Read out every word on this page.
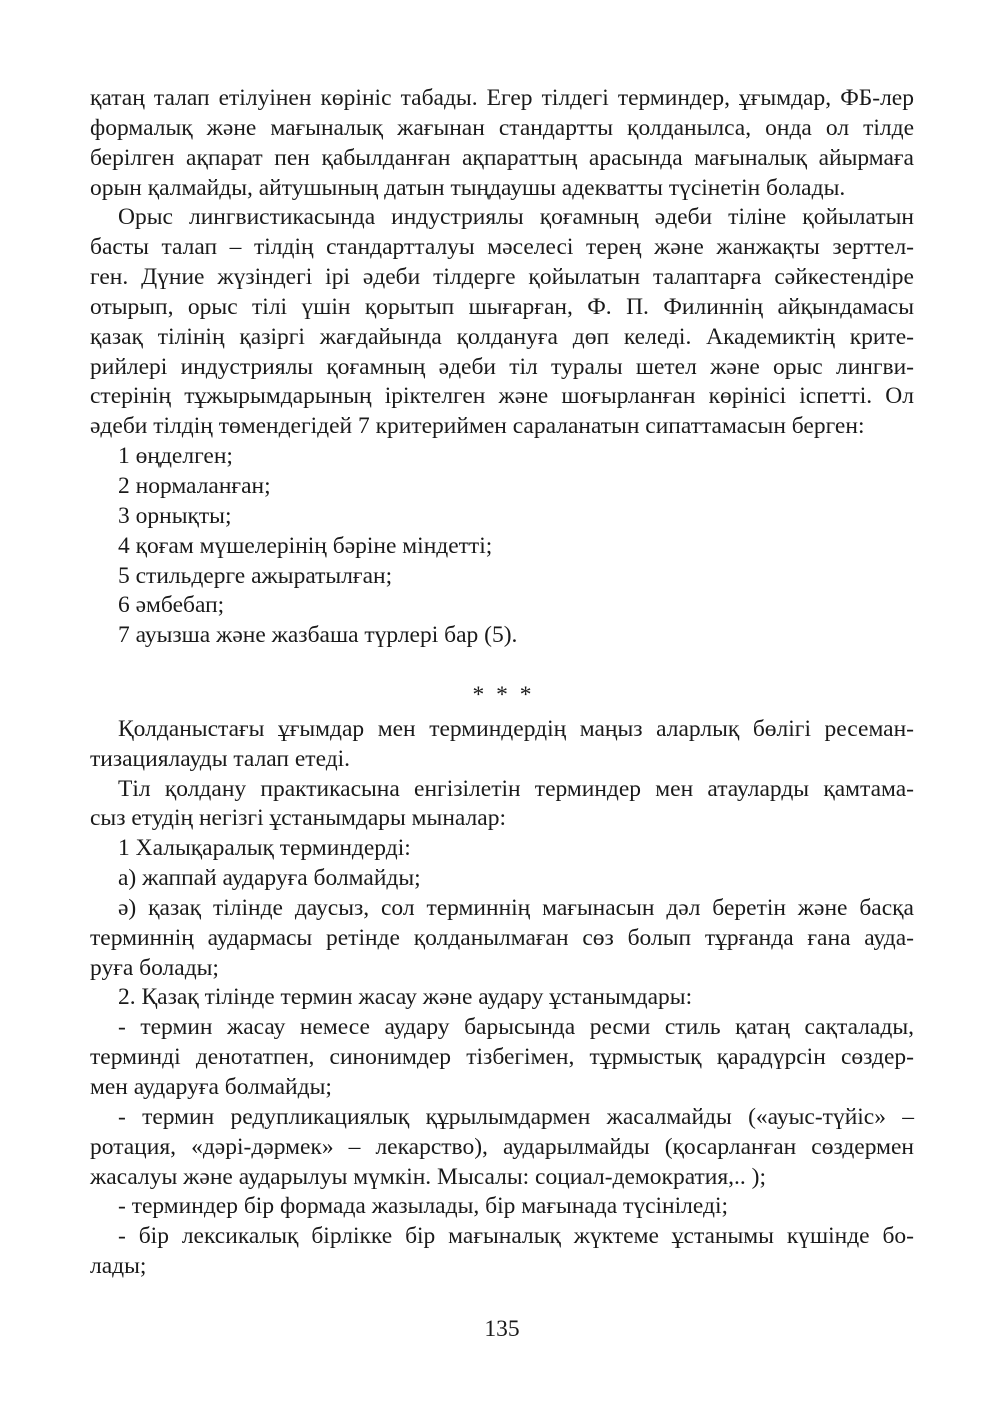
қатаң талап етілуінен көрініс табады. Егер тілдегі терминдер, ұғымдар, ФБ-лер

формалық және мағыналық жағынан стандартты қолданылса, онда ол тілде

берілген ақпарат пен қабылданған ақпараттың арасында мағыналық айырмаға

орын қалмайды, айтушының датын тыңдаушы адекватты түсінетін болады.

Орыс лингвистикасында индустриялы қоғамның әдеби тіліне қойылатын

басты талап – тілдің стандартталуы мәселесі терең және жанжақты зерттел-

ген. Дүние жүзіндегі ірі әдеби тілдерге қойылатын талаптарға сәйкестендіре

отырып, орыс тілі үшін қорытып шығарған, Ф. П. Филиннің айқындамасы

қазақ тілінің қазіргі жағдайында қолдануға дөп келеді. Академиктің крите-

рийлері индустриялы қоғамның әдеби тіл туралы шетел және орыс лингви-

стерінің тұжырымдарының іріктелген және шоғырланған көрінісі іспетті. Ол

әдеби тілдің төмендегідей 7 критериймен сараланатын сипаттамасын берген:

1 өңделген;

2 нормаланған;

3 орнықты;

4 қоғам мүшелерінің бәріне міндетті;

5 стильдерге ажыратылған;

6 әмбебап;

7 ауызша және жазбаша түрлері бар (5).

* * *

Қолданыстағы ұғымдар мен терминдердің маңыз аларлық бөлігі ресеман-

тизациялауды талап етеді.

Тіл қолдану практикасына енгізілетін терминдер мен атауларды қамтама-

сыз етудің негізгі ұстанымдары мыналар:

1 Халықаралық терминдерді:

а) жаппай аударуға болмайды;

ә) қазақ тілінде даусыз, сол терминнің мағынасын дәл беретін және басқа

терминнің аудармасы ретінде қолданылмаған сөз болып тұрғанда ғана ауда-

руға болады;

2. Қазақ тілінде термин жасау және аудару ұстанымдары:

- термин жасау немесе аудару барысында ресми стиль қатаң сақталады,

терминді денотатпен, синонимдер тізбегімен, тұрмыстық қарадүрсін сөздер-

мен аударуға болмайды;

- термин редупликациялық құрылымдармен жасалмайды («ауыс-түйіс» –

ротация, «дәрі-дәрмек» – лекарство), аударылмайды (қосарланған сөздермен

жасалуы және аударылуы мүмкін. Мысалы: социал-демократия,.. );

- терминдер бір формада жазылады, бір мағынада түсініледі;

- бір лексикалық бірлікке бір мағыналық жүктеме ұстанымы күшінде бо-

лады;

135
